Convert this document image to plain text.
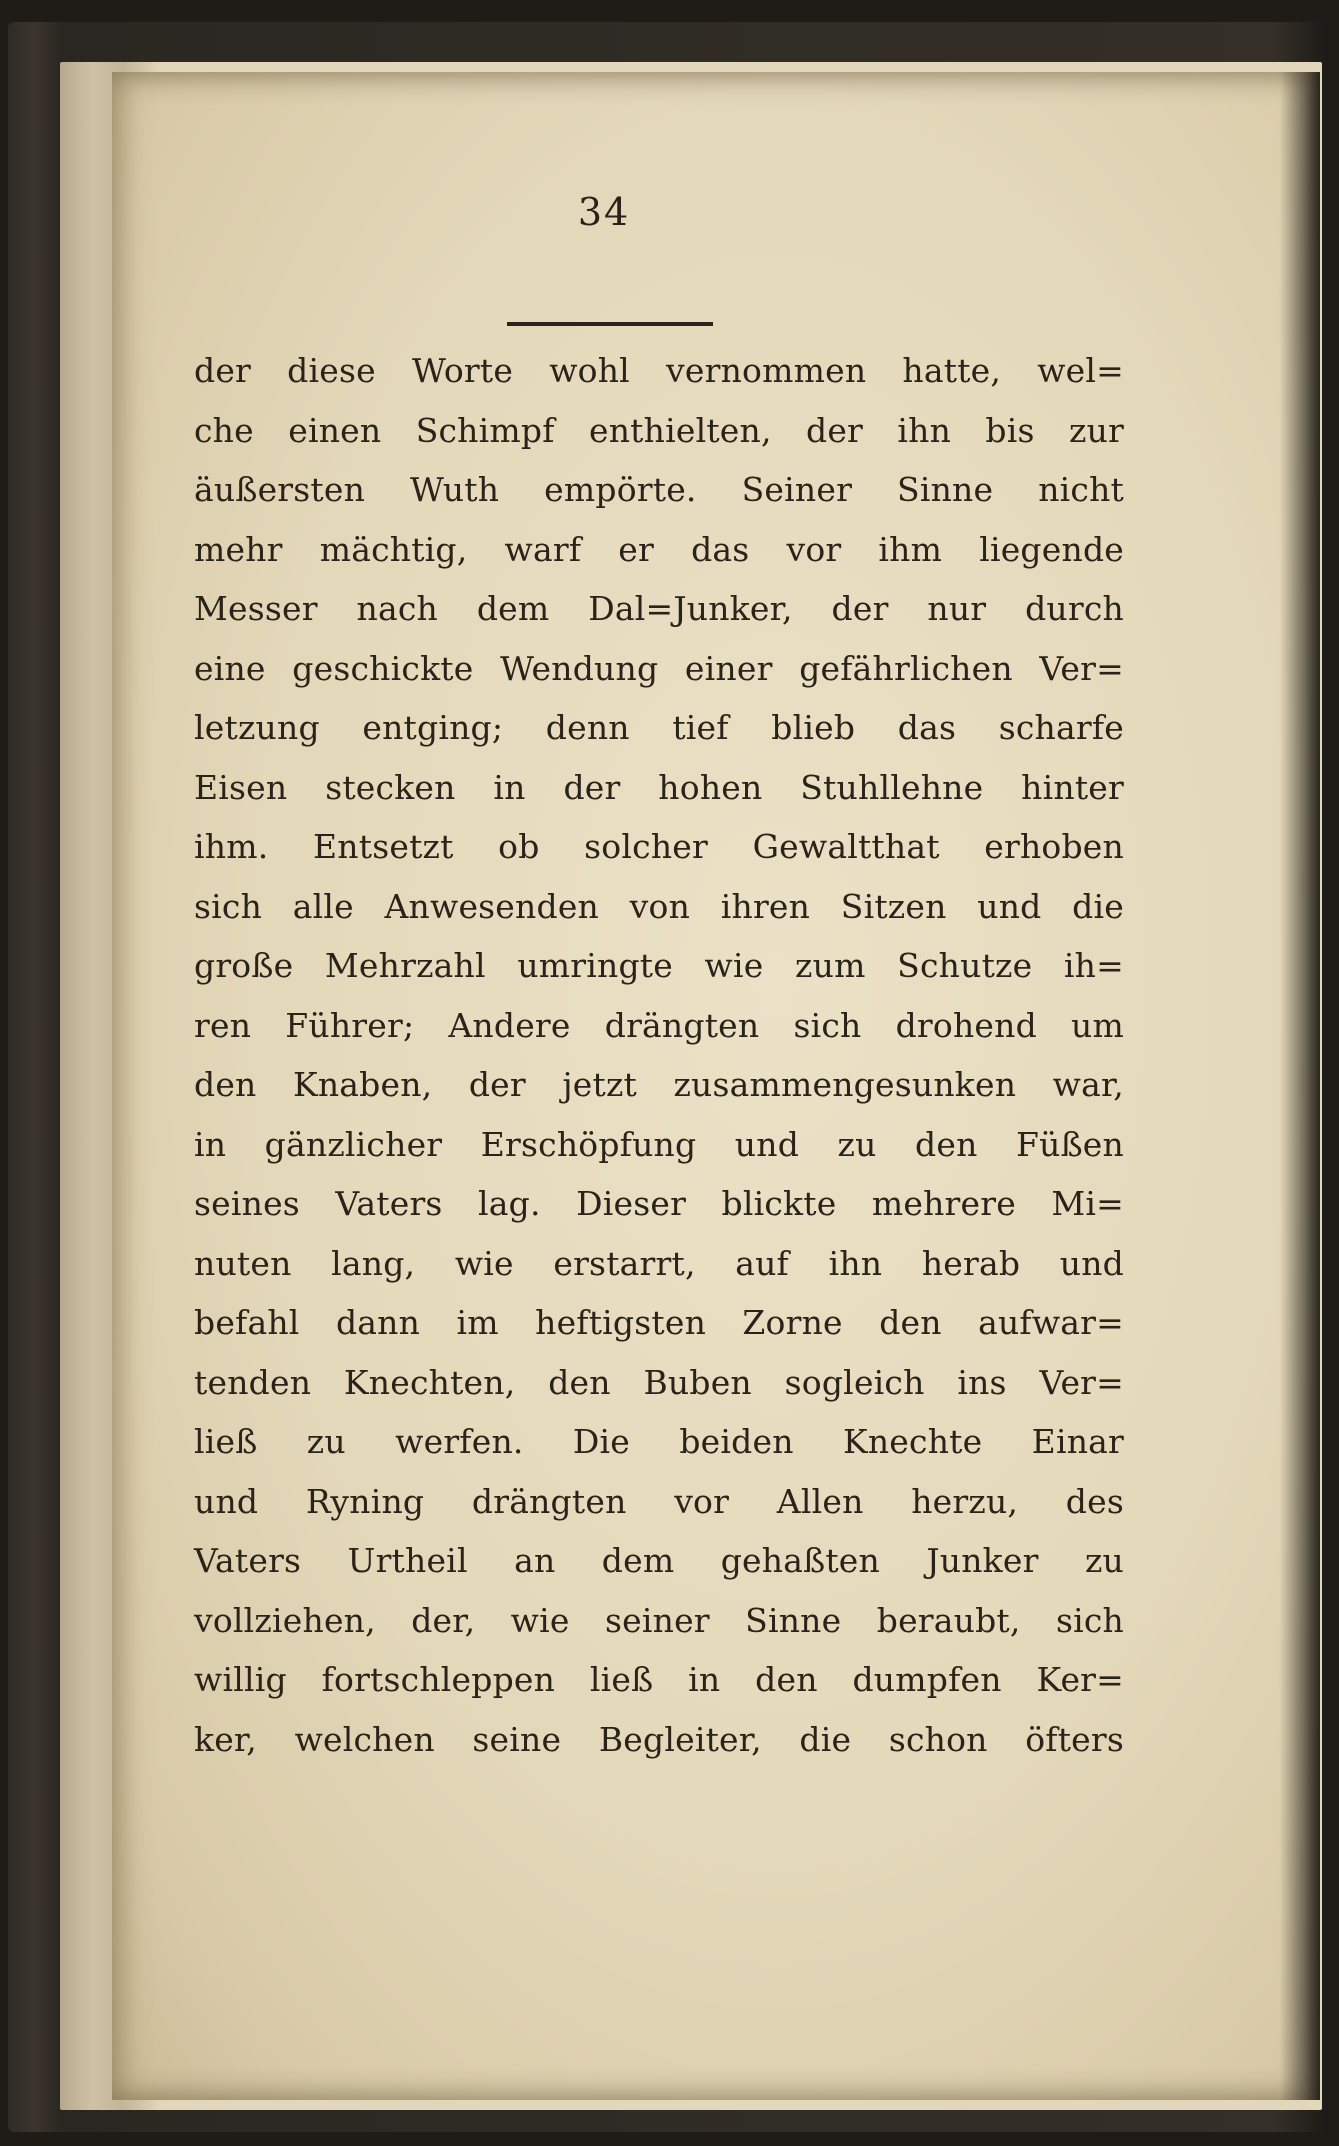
34
der diese Worte wohl vernommen hatte, wel=
che einen Schimpf enthielten, der ihn bis zur
äußersten Wuth empörte. Seiner Sinne nicht
mehr mächtig, warf er das vor ihm liegende
Messer nach dem Dal=Junker, der nur durch
eine geschickte Wendung einer gefährlichen Ver=
letzung entging; denn tief blieb das scharfe
Eisen stecken in der hohen Stuhllehne hinter
ihm. Entsetzt ob solcher Gewaltthat erhoben
sich alle Anwesenden von ihren Sitzen und die
große Mehrzahl umringte wie zum Schutze ih=
ren Führer; Andere drängten sich drohend um
den Knaben, der jetzt zusammengesunken war,
in gänzlicher Erschöpfung und zu den Füßen
seines Vaters lag. Dieser blickte mehrere Mi=
nuten lang, wie erstarrt, auf ihn herab und
befahl dann im heftigsten Zorne den aufwar=
tenden Knechten, den Buben sogleich ins Ver=
ließ zu werfen. Die beiden Knechte Einar
und Ryning drängten vor Allen herzu, des
Vaters Urtheil an dem gehaßten Junker zu
vollziehen, der, wie seiner Sinne beraubt, sich
willig fortschleppen ließ in den dumpfen Ker=
ker, welchen seine Begleiter, die schon öfters
